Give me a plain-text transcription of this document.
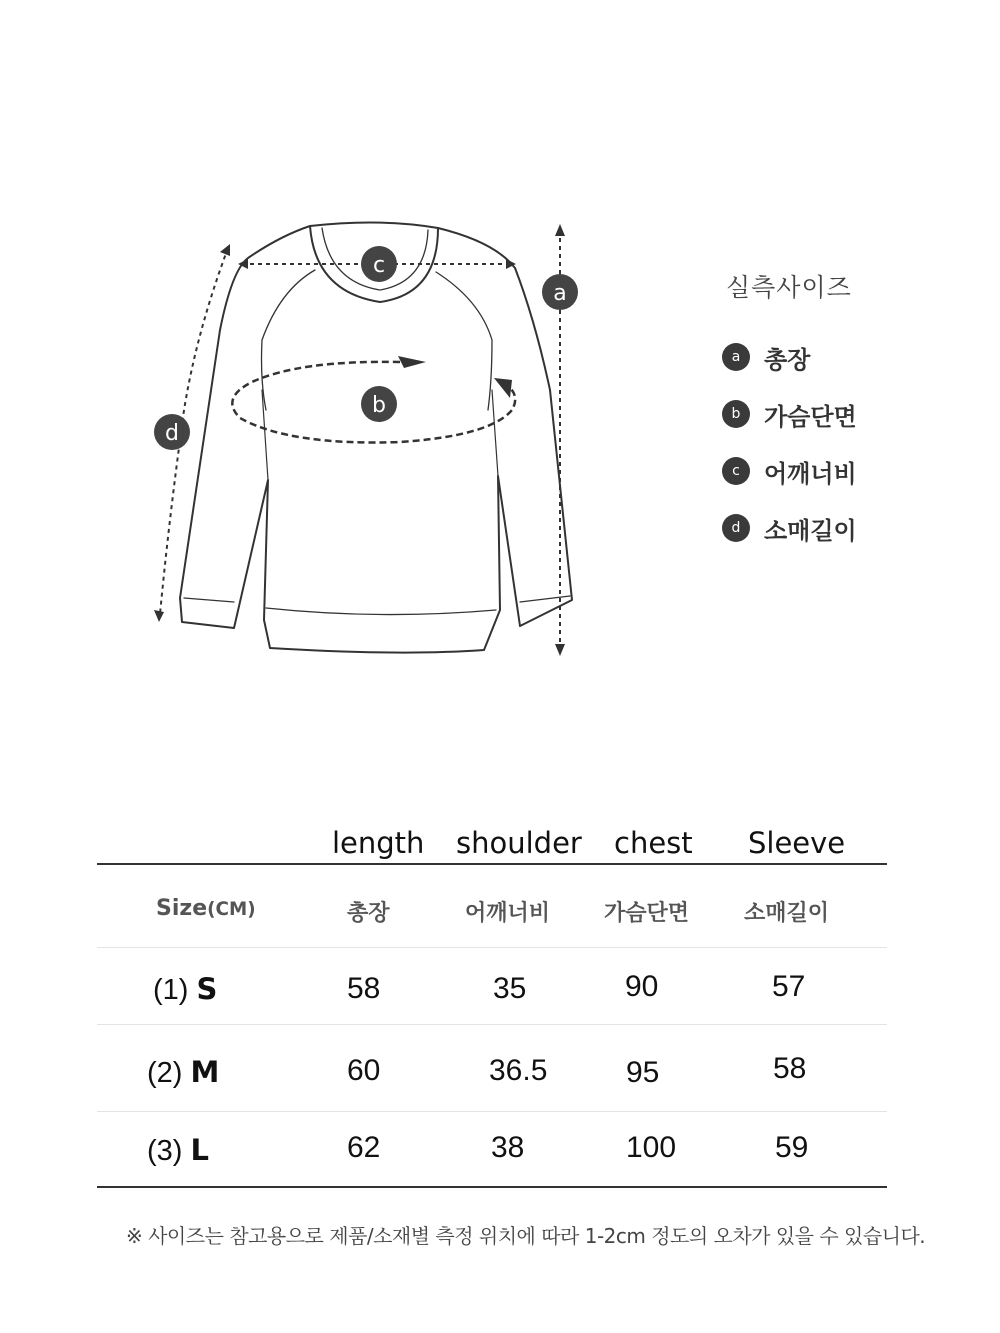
c
a
b
d
실측사이즈
a 총장
b 가슴단면
c	어깨너비
d 소매길이
length shoulder chest Sleeve
Size(CM)	총장	어깨너비 가슴단면 소매길이
(1) S	58	35	90	57
(2) M	60	36.5	95	58
(3) L	62	38	100	59
※ 사이즈는 참고용으로 제품/소재별 측정 위치에 따라 1-2cm 정도의 오차가 있을 수 있습니다.
